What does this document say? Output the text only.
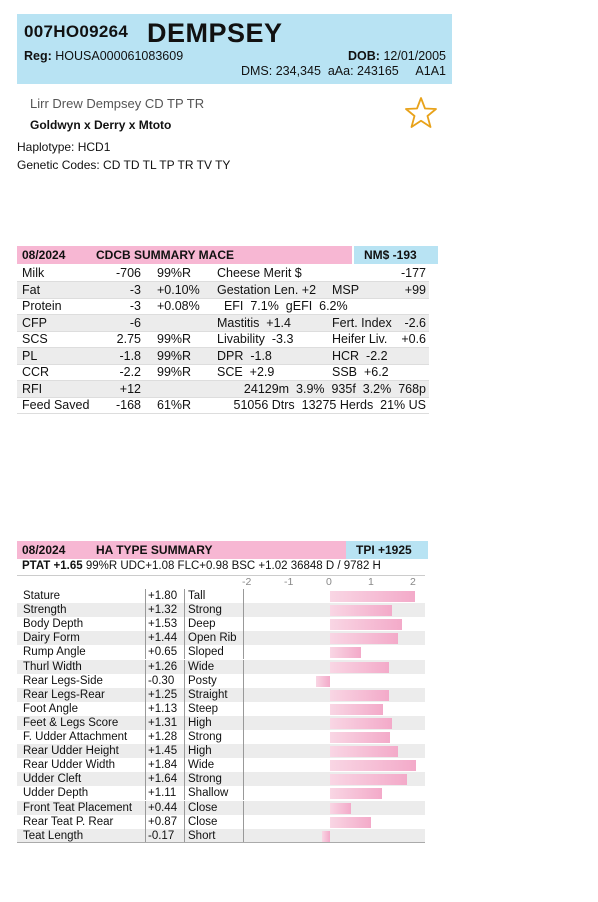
007HO09264 DEMPSEY
Reg: HOUSA000061083609	DOB: 12/01/2005
DMS: 234,345  aAa: 243165     A1A1
Lirr Drew Dempsey CD TP TR
Goldwyn x Derry x Mtoto
Haplotype: HCD1
Genetic Codes: CD TD TL TP TR TV TY
08/2024	CDCB SUMMARY MACE	NM$ -193
Milk	-706 99%R Cheese Merit $	-177
Fat	-3 +0.10% Gestation Len. +2 MSP	+99
Protein	-3 +0.08% EFI  7.1%  gEFI  6.2%
CFP	-6	Mastitis  +1.4	Fert. Index -2.6
SCS	2.75 99%R Livability  -3.3	Heifer Liv. +0.6
PL	-1.8 99%R DPR  -1.8	HCR  -2.2
CCR	-2.2 99%R SCE  +2.9	SSB  +6.2
RFI	+12	24129m  3.9%  935f  3.2%  768p
Feed Saved -168 61%R	51056 Dtrs  13275 Herds  21% US
08/2024	HA TYPE SUMMARY	TPI +1925
PTAT +1.65 99%R UDC+1.08 FLC+0.98 BSC +1.02 36848 D / 9782 H
-2	-1	0	1	2
Stature	+1.80 Tall
Strength	+1.32 Strong
Body Depth	+1.53 Deep
Dairy Form	+1.44 Open Rib
Rump Angle	+0.65 Sloped
Thurl Width	+1.26 Wide
Rear Legs-Side	-0.30 Posty
Rear Legs-Rear	+1.25 Straight
Foot Angle	+1.13 Steep
Feet & Legs Score	+1.31 High
F. Udder Attachment +1.28 Strong
Rear Udder Height	+1.45 High
Rear Udder Width	+1.84 Wide
Udder Cleft	+1.64 Strong
Udder Depth	+1.11 Shallow
Front Teat Placement +0.44 Close
Rear Teat P. Rear	+0.87 Close
Teat Length	-0.17 Short
